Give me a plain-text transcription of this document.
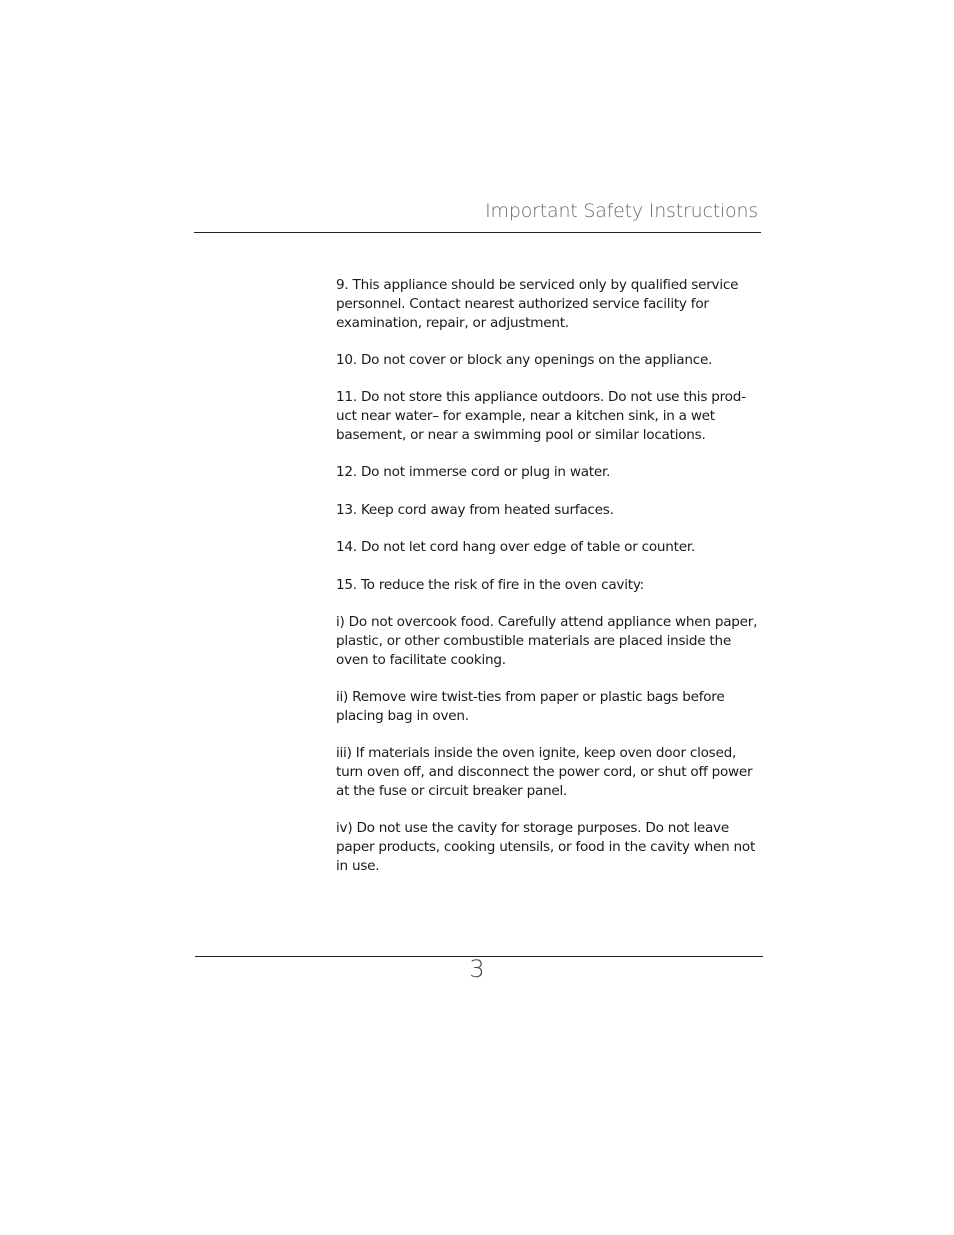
Important Safety Instructions

9. This appliance should be serviced only by qualified service personnel. Contact nearest authorized service facility for examination, repair, or adjustment.

10. Do not cover or block any openings on the appliance.

11. Do not store this appliance outdoors. Do not use this prod-uct near water– for example, near a kitchen sink, in a wet basement, or near a swimming pool or similar locations.

12. Do not immerse cord or plug in water.

13. Keep cord away from heated surfaces.

14. Do not let cord hang over edge of table or counter.

15. To reduce the risk of fire in the oven cavity:

i) Do not overcook food. Carefully attend appliance when paper, plastic, or other combustible materials are placed inside the oven to facilitate cooking.

ii) Remove wire twist-ties from paper or plastic bags before placing bag in oven.

iii) If materials inside the oven ignite, keep oven door closed, turn oven off, and disconnect the power cord, or shut off power at the fuse or circuit breaker panel.

iv) Do not use the cavity for storage purposes. Do not leave paper products, cooking utensils, or food in the cavity when not in use.

3
